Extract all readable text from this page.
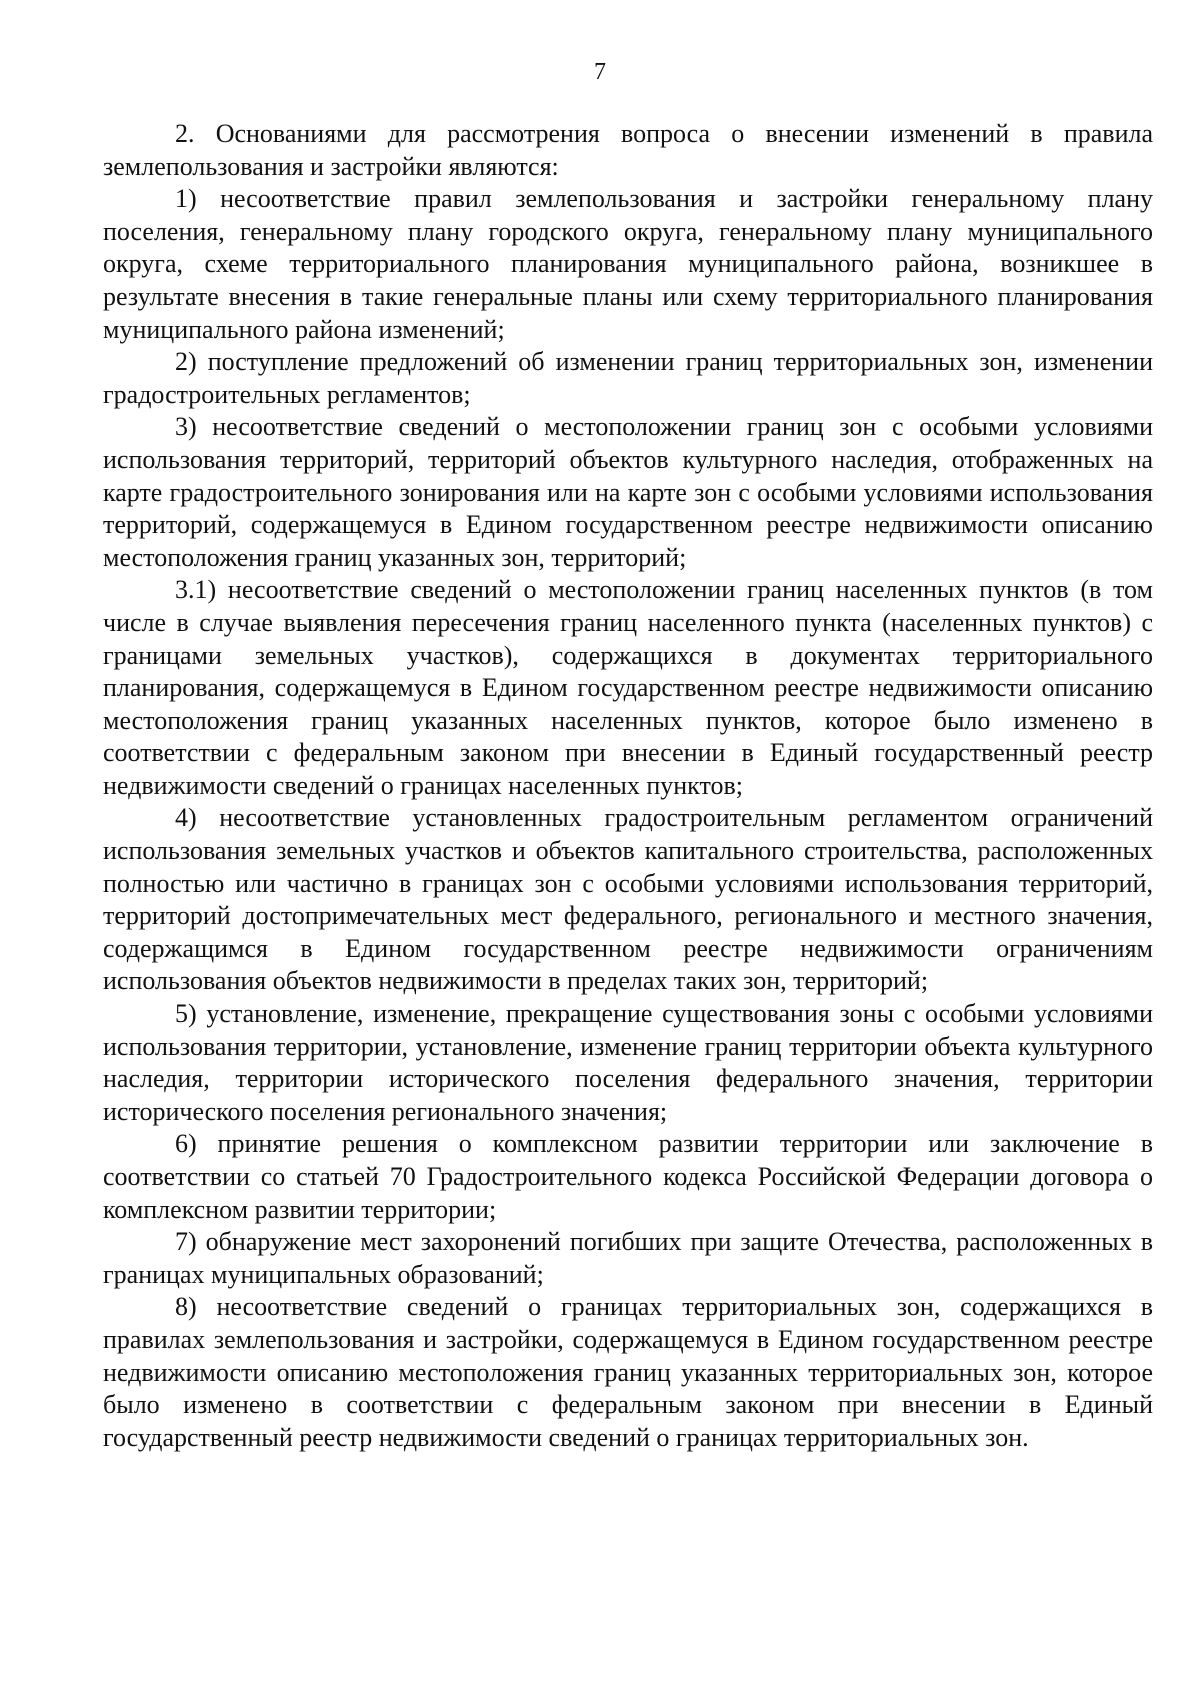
7

2. Основаниями для рассмотрения вопроса о внесении изменений в правила землепользования и застройки являются:

1) несоответствие правил землепользования и застройки генеральному плану поселения, генеральному плану городского округа, генеральному плану муниципального округа, схеме территориального планирования муниципального района, возникшее в результате внесения в такие генеральные планы или схему территориального планирования муниципального района изменений;

2) поступление предложений об изменении границ территориальных зон, изменении градостроительных регламентов;

3) несоответствие сведений о местоположении границ зон с особыми условиями использования территорий, территорий объектов культурного наследия, отображенных на карте градостроительного зонирования или на карте зон с особыми условиями использования территорий, содержащемуся в Едином государственном реестре недвижимости описанию местоположения границ указанных зон, территорий;

3.1) несоответствие сведений о местоположении границ населенных пунктов (в том числе в случае выявления пересечения границ населенного пункта (населенных пунктов) с границами земельных участков), содержащихся в документах территориального планирования, содержащемуся в Едином государственном реестре недвижимости описанию местоположения границ указанных населенных пунктов, которое было изменено в соответствии с федеральным законом при внесении в Единый государственный реестр недвижимости сведений о границах населенных пунктов;

4) несоответствие установленных градостроительным регламентом ограничений использования земельных участков и объектов капитального строительства, расположенных полностью или частично в границах зон с особыми условиями использования территорий, территорий достопримечательных мест федерального, регионального и местного значения, содержащимся в Едином государственном реестре недвижимости ограничениям использования объектов недвижимости в пределах таких зон, территорий;

5) установление, изменение, прекращение существования зоны с особыми условиями использования территории, установление, изменение границ территории объекта культурного наследия, территории исторического поселения федерального значения, территории исторического поселения регионального значения;

6) принятие решения о комплексном развитии территории или заключение в соответствии со статьей 70 Градостроительного кодекса Российской Федерации договора о комплексном развитии территории;

7) обнаружение мест захоронений погибших при защите Отечества, расположенных в границах муниципальных образований;

8) несоответствие сведений о границах территориальных зон, содержащихся в правилах землепользования и застройки, содержащемуся в Едином государственном реестре недвижимости описанию местоположения границ указанных территориальных зон, которое было изменено в соответствии с федеральным законом при внесении в Единый государственный реестр недвижимости сведений о границах территориальных зон.
